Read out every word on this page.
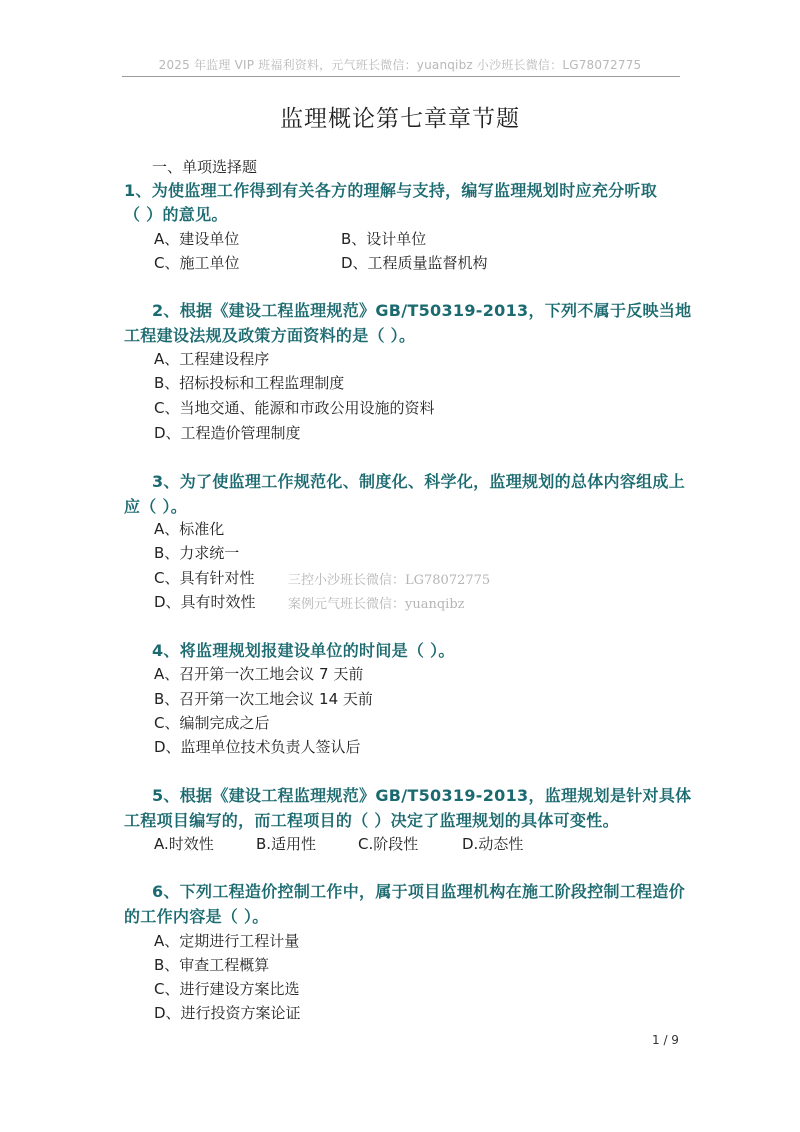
2025 年监理 VIP 班福利资料，元气班长微信：yuanqibz 小沙班长微信：LG78072775
监理概论第七章章节题
一、单项选择题
1、为使监理工作得到有关各方的理解与支持，编写监理规划时应充分听取
（ ）的意见。
A、建设单位	B、设计单位
C、施工单位	D、工程质量监督机构
2、根据《建设工程监理规范》GB/T50319-2013，下列不属于反映当地
工程建设法规及政策方面资料的是（ ）。
A、工程建设程序
B、招标投标和工程监理制度
C、当地交通、能源和市政公用设施的资料
D、工程造价管理制度
3、为了使监理工作规范化、制度化、科学化，监理规划的总体内容组成上
应（ ）。
A、标准化
B、力求统一
C、具有针对性	三控小沙班长微信：LG78072775
D、具有时效性 案例元气班长微信：yuanqibz
4、将监理规划报建设单位的时间是（ ）。
A、召开第一次工地会议 7 天前
B、召开第一次工地会议 14 天前
C、编制完成之后
D、监理单位技术负责人签认后
5、根据《建设工程监理规范》GB/T50319-2013，监理规划是针对具体
工程项目编写的，而工程项目的（ ）决定了监理规划的具体可变性。
A.时效性	B.适用性	C.阶段性	D.动态性
6、下列工程造价控制工作中，属于项目监理机构在施工阶段控制工程造价
的工作内容是（ ）。
A、定期进行工程计量
B、审查工程概算
C、进行建设方案比选
D、进行投资方案论证
1 / 9
